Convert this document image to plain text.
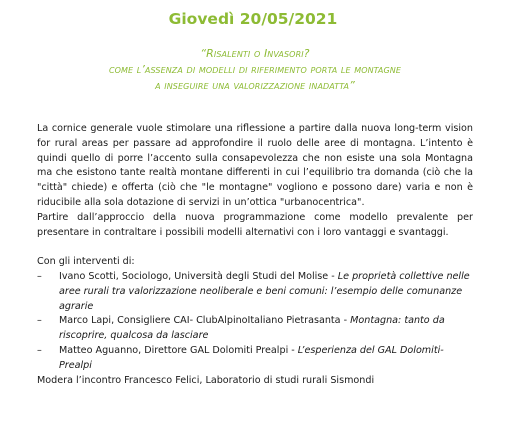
Giovedì 20/05/2021
“Risalenti o Invasori?
come l’assenza di modelli di riferimento porta le montagne
a inseguire una valorizzazione inadatta”

La cornice generale vuole stimolare una riflessione a partire dalla nuova long-term vision for rural areas per passare ad approfondire il ruolo delle aree di montagna. L’intento è quindi quello di porre l’accento sulla consapevolezza che non esiste una sola Montagna ma che esistono tante realtà montane differenti in cui l’equilibrio tra domanda (ciò che la "città" chiede) e offerta (ciò che "le montagne" vogliono e possono dare) varia e non è riducibile alla sola dotazione di servizi in un’ottica "urbanocentrica".

Partire dall’approccio della nuova programmazione come modello prevalente per presentare in contraltare i possibili modelli alternativi con i loro vantaggi e svantaggi.

Con gli interventi di:

– Ivano Scotti, Sociologo, Università degli Studi del Molise - Le proprietà collettive nelle aree rurali tra valorizzazione neoliberale e beni comuni: l’esempio delle comunanze agrarie
– Marco Lapi, Consigliere CAI- ClubAlpinoItaliano Pietrasanta - Montagna: tanto da riscoprire, qualcosa da lasciare
– Matteo Aguanno, Direttore GAL Dolomiti Prealpi - L’esperienza del GAL Dolomiti-Prealpi

Modera l’incontro Francesco Felici, Laboratorio di studi rurali Sismondi
